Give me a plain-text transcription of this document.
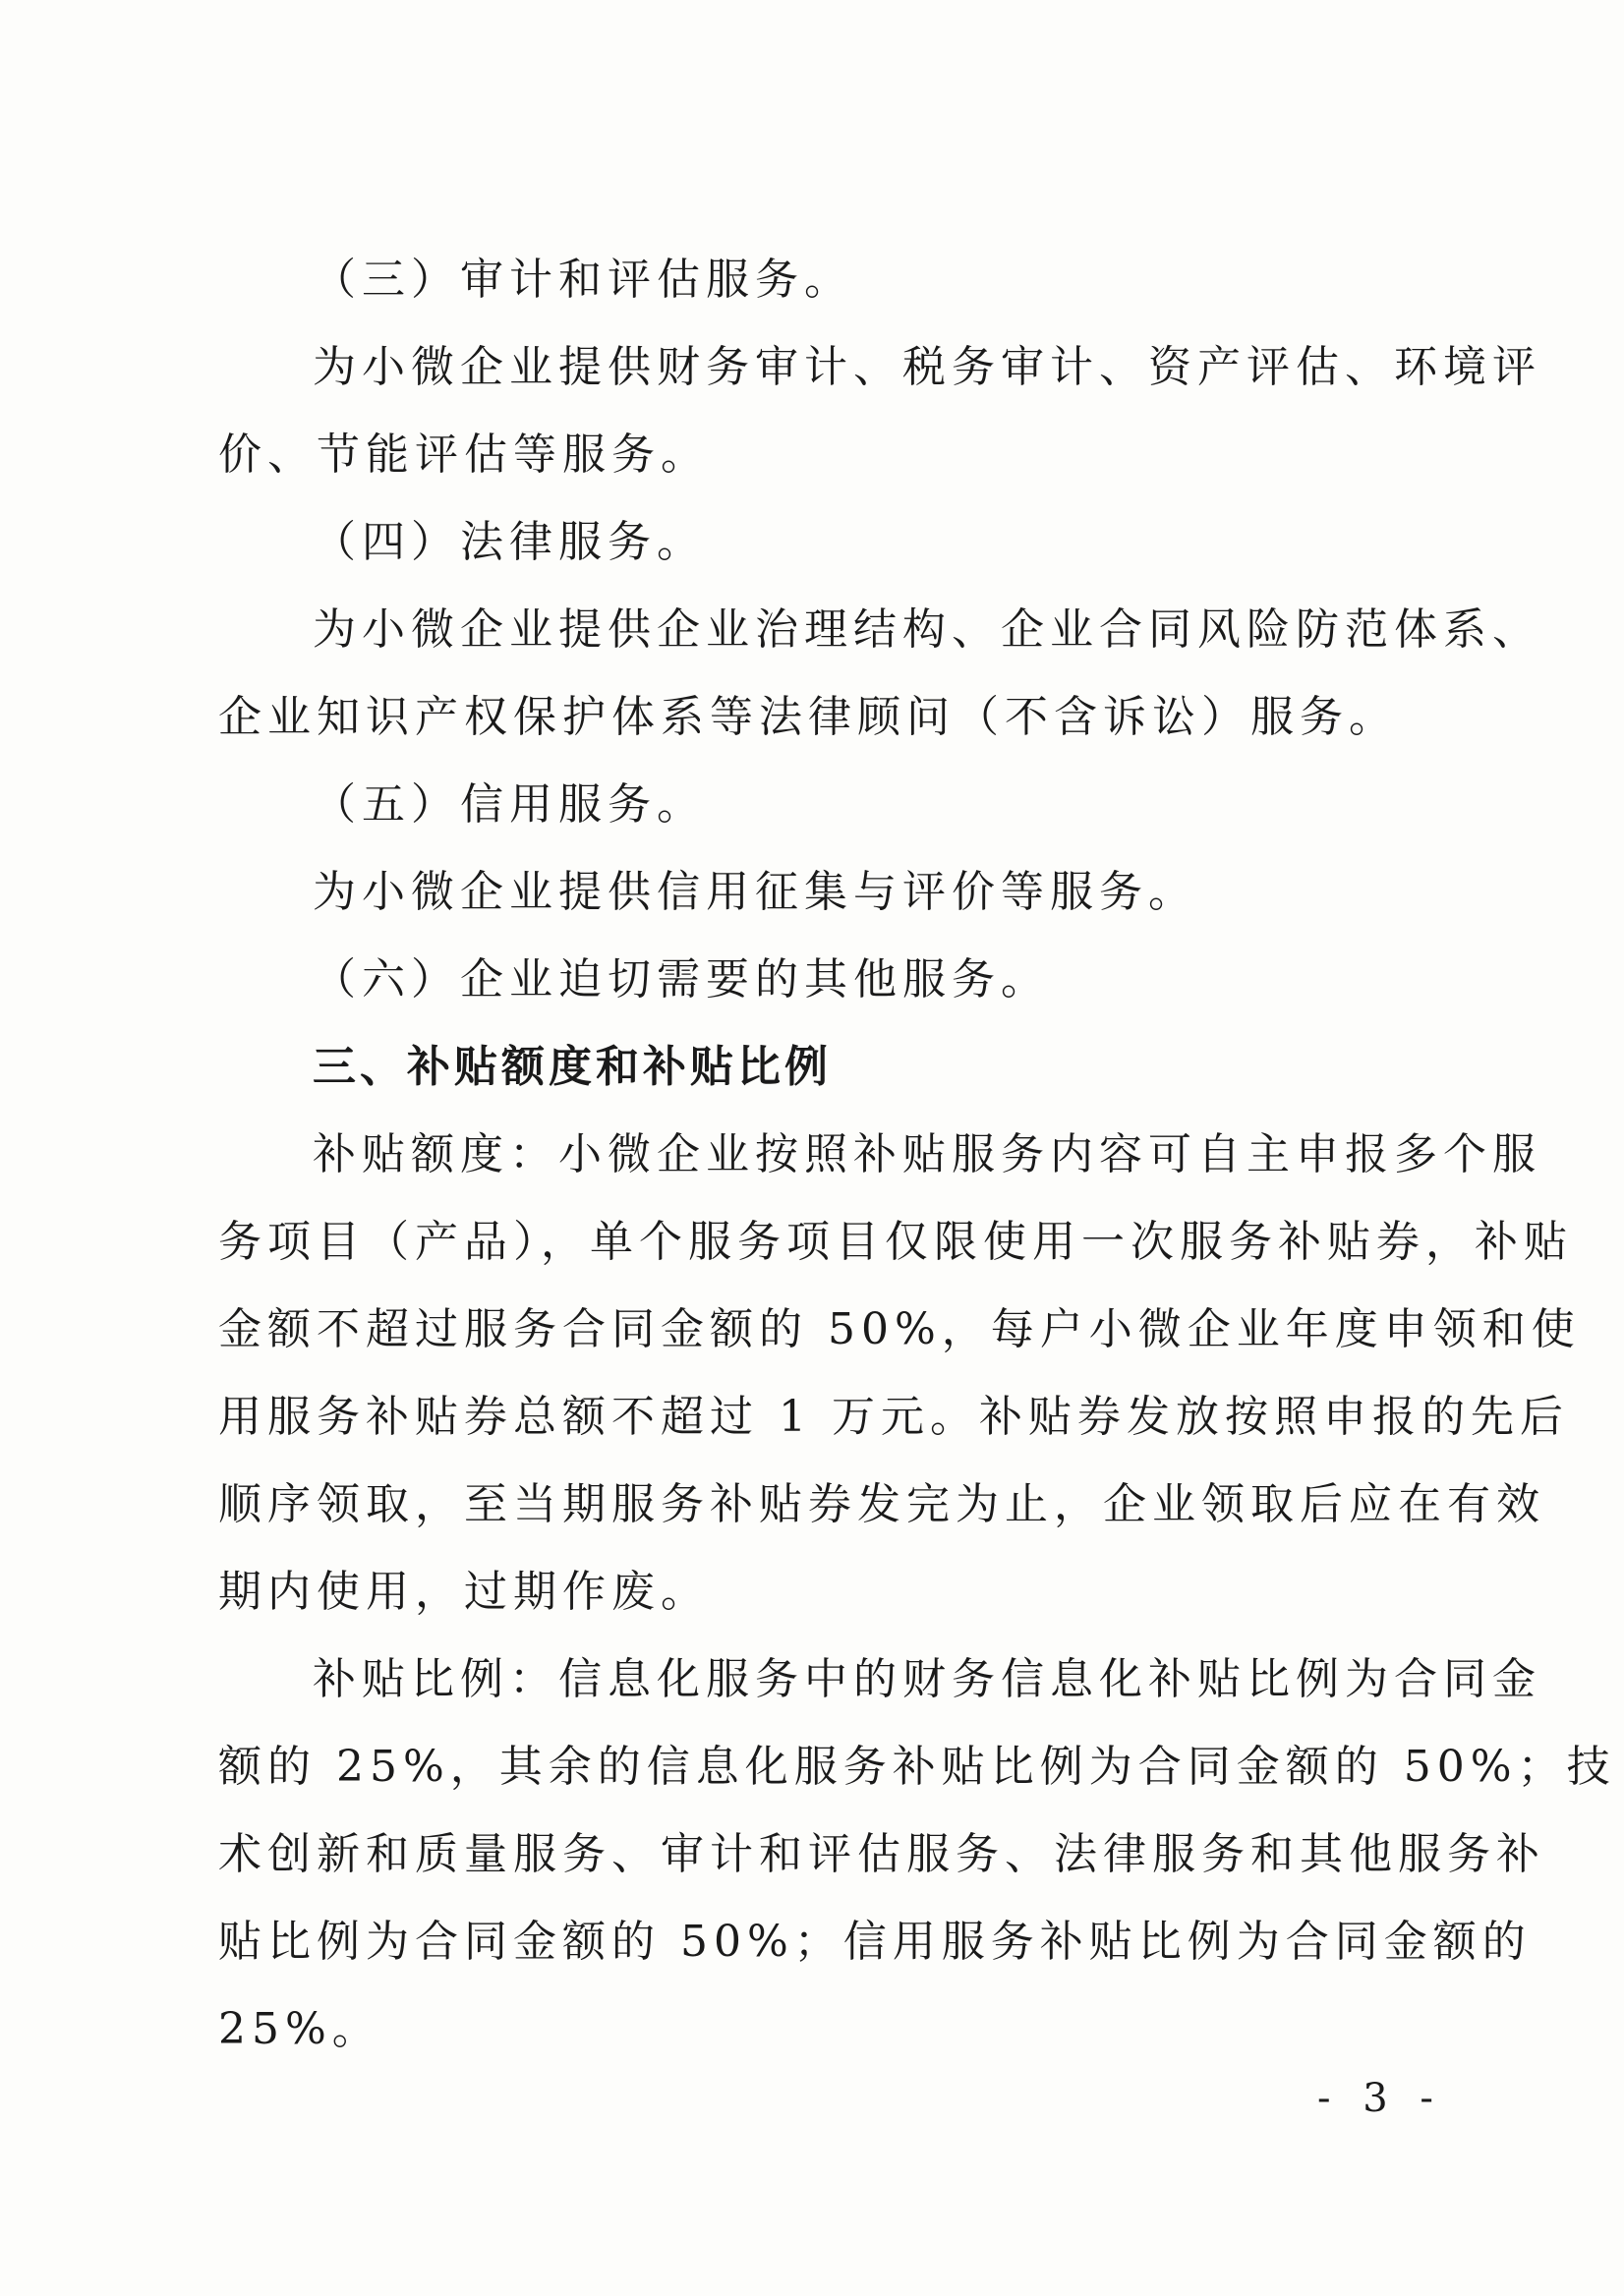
（三）审计和评估服务。
为小微企业提供财务审计、税务审计、资产评估、环境评
价、节能评估等服务。
（四）法律服务。
为小微企业提供企业治理结构、企业合同风险防范体系、
企业知识产权保护体系等法律顾问（不含诉讼）服务。
（五）信用服务。
为小微企业提供信用征集与评价等服务。
（六）企业迫切需要的其他服务。
三、补贴额度和补贴比例
补贴额度：小微企业按照补贴服务内容可自主申报多个服
务项目（产品），单个服务项目仅限使用一次服务补贴券，补贴
金额不超过服务合同金额的 50%，每户小微企业年度申领和使
用服务补贴券总额不超过 1 万元。补贴券发放按照申报的先后
顺序领取，至当期服务补贴券发完为止，企业领取后应在有效
期内使用，过期作废。
补贴比例：信息化服务中的财务信息化补贴比例为合同金
额的 25%，其余的信息化服务补贴比例为合同金额的 50%；技
术创新和质量服务、审计和评估服务、法律服务和其他服务补
贴比例为合同金额的 50%；信用服务补贴比例为合同金额的
25%。
- 3 -
